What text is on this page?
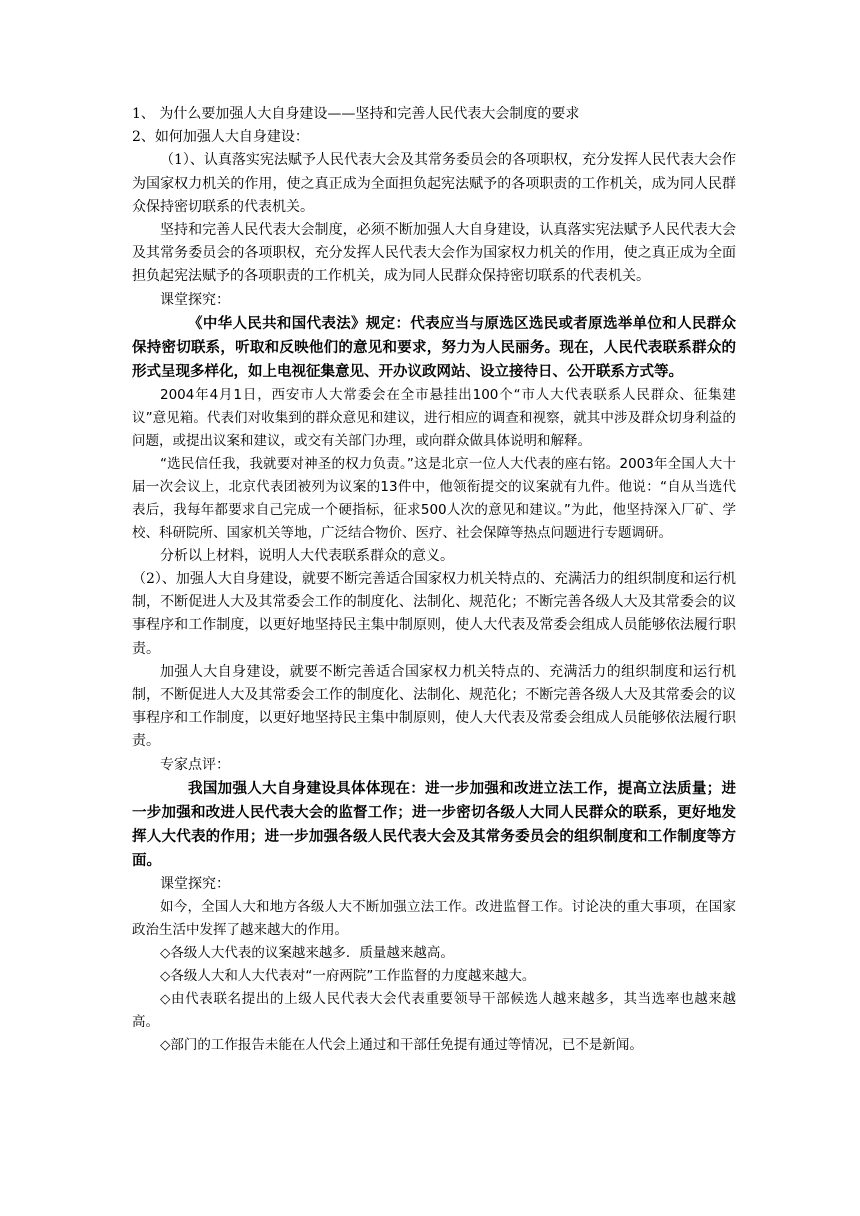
1、 为什么要加强人大自身建设——坚持和完善人民代表大会制度的要求

2、如何加强人大自身建设：

（1）、认真落实宪法赋予人民代表大会及其常务委员会的各项职权，充分发挥人民代表大会作为国家权力机关的作用，使之真正成为全面担负起宪法赋予的各项职责的工作机关，成为同人民群众保持密切联系的代表机关。

坚持和完善人民代表大会制度，必须不断加强人大自身建设，认真落实宪法赋予人民代表大会及其常务委员会的各项职权，充分发挥人民代表大会作为国家权力机关的作用，使之真正成为全面担负起宪法赋予的各项职责的工作机关，成为同人民群众保持密切联系的代表机关。

课堂探究：

《中华人民共和国代表法》规定：代表应当与原选区选民或者原选举单位和人民群众保持密切联系，听取和反映他们的意见和要求，努力为人民丽务。现在，人民代表联系群众的形式呈现多样化，如上电视征集意见、开办议政网站、设立接待日、公开联系方式等。

2004年4月1日，西安市人大常委会在全市悬挂出100个“市人大代表联系人民群众、征集建议”意见箱。代表们对收集到的群众意见和建议，进行相应的调查和视察，就其中涉及群众切身利益的问题，或提出议案和建议，或交有关部门办理，或向群众做具体说明和解释。

“选民信任我，我就要对神圣的权力负责。”这是北京一位人大代表的座右铭。2003年全国人大十届一次会议上，北京代表团被列为议案的13件中，他领衔提交的议案就有九件。他说：“自从当选代表后，我每年都要求自己完成一个硬指标，征求500人次的意见和建议。”为此，他坚持深入厂矿、学校、科研院所、国家机关等地，广泛结合物价、医疗、社会保障等热点问题进行专题调研。

分析以上材料，说明人大代表联系群众的意义。

（2）、加强人大自身建设，就要不断完善适合国家权力机关特点的、充满活力的组织制度和运行机制，不断促进人大及其常委会工作的制度化、法制化、规范化；不断完善各级人大及其常委会的议事程序和工作制度，以更好地坚持民主集中制原则，使人大代表及常委会组成人员能够依法履行职责。

加强人大自身建设，就要不断完善适合国家权力机关特点的、充满活力的组织制度和运行机制，不断促进人大及其常委会工作的制度化、法制化、规范化；不断完善各级人大及其常委会的议事程序和工作制度，以更好地坚持民主集中制原则，使人大代表及常委会组成人员能够依法履行职责。

专家点评：

我国加强人大自身建设具体体现在：进一步加强和改进立法工作，提高立法质量；进一步加强和改进人民代表大会的监督工作；进一步密切各级人大同人民群众的联系，更好地发挥人大代表的作用；进一步加强各级人民代表大会及其常务委员会的组织制度和工作制度等方面。

课堂探究：

如今，全国人大和地方各级人大不断加强立法工作。改进监督工作。讨论决的重大事项，在国家政治生活中发挥了越来越大的作用。

◇各级人大代表的议案越来越多．质量越来越高。

◇各级人大和人大代表对“一府两院”工作监督的力度越来越大。

◇由代表联名提出的上级人民代表大会代表重要领导干部候选人越来越多，其当选率也越来越高。

◇部门的工作报告未能在人代会上通过和干部任免提有通过等情况，已不是新闻。
